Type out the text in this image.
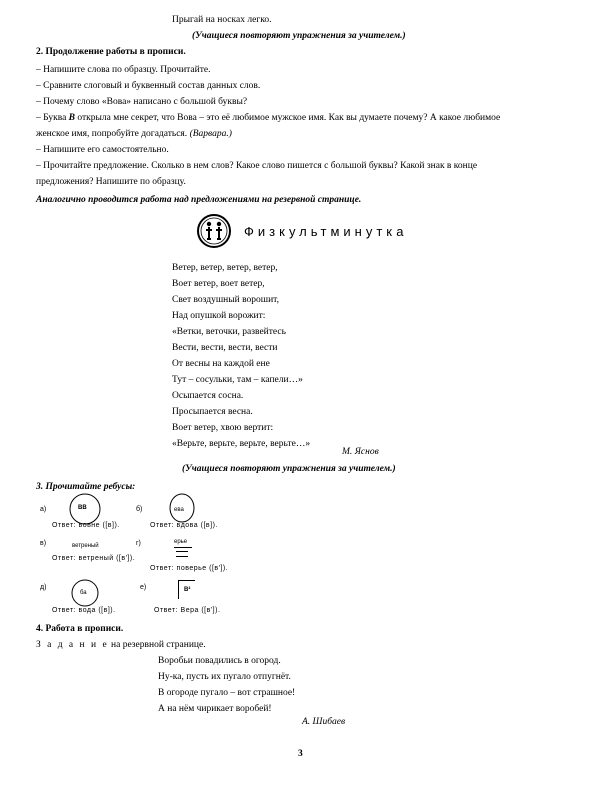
Прыгай на носках легко.
(Учащиеся повторяют упражнения за учителем.)
2. Продолжение работы в прописи.
– Напишите слова по образцу. Прочитайте.
– Сравните слоговый и буквенный состав данных слов.
– Почему слово «Вова» написано с большой буквы?
– Буква В открыла мне секрет, что Вова – это её любимое мужское имя. Как вы думаете почему? А какое любимое
женское имя, попробуйте догадаться. (Варвара.)
– Напишите его самостоятельно.
– Прочитайте предложение. Сколько в нем слов? Какое слово пишется с большой буквы? Какой знак в конце
предложения? Напишите по образцу.
Аналогично проводится работа над предложениями на резервной странице.
Физкультминутка
Ветер, ветер, ветер, ветер,
Воет ветер, воет ветер,
Свет воздушный ворошит,
Над опушкой ворожит:
«Ветки, веточки, развейтесь
Вести, вести, вести, вести
От весны на каждой ене
Тут – сосульки, там – капели…»
Осыпается сосна.
Просыпается весна.
Воет ветер, хвою вертит:
«Верьте, верьте, верьте, верьте…»
М. Яснов
(Учащиеся повторяют упражнения за учителем.)
3. Прочитайте ребусы:
а)	ВВ
Ответ: вовне ([в]).
б)	ева
Ответ: вдова ([в]).
в)	ветреный
Ответ: ветреный ([в']).
г)	ерье
Ответ: поверье ([в']).
д)
ба
Ответ: вода ([в]).
е)	В²
Ответ: Вера ([в']).
4. Работа в прописи.
З а д а н и е на резервной странице.
Воробьи повадились в огород.
Ну-ка, пусть их пугало отпугнёт.
В огороде пугало – вот страшное!
А на нём чирикает воробей!
А. Шибаев
3
